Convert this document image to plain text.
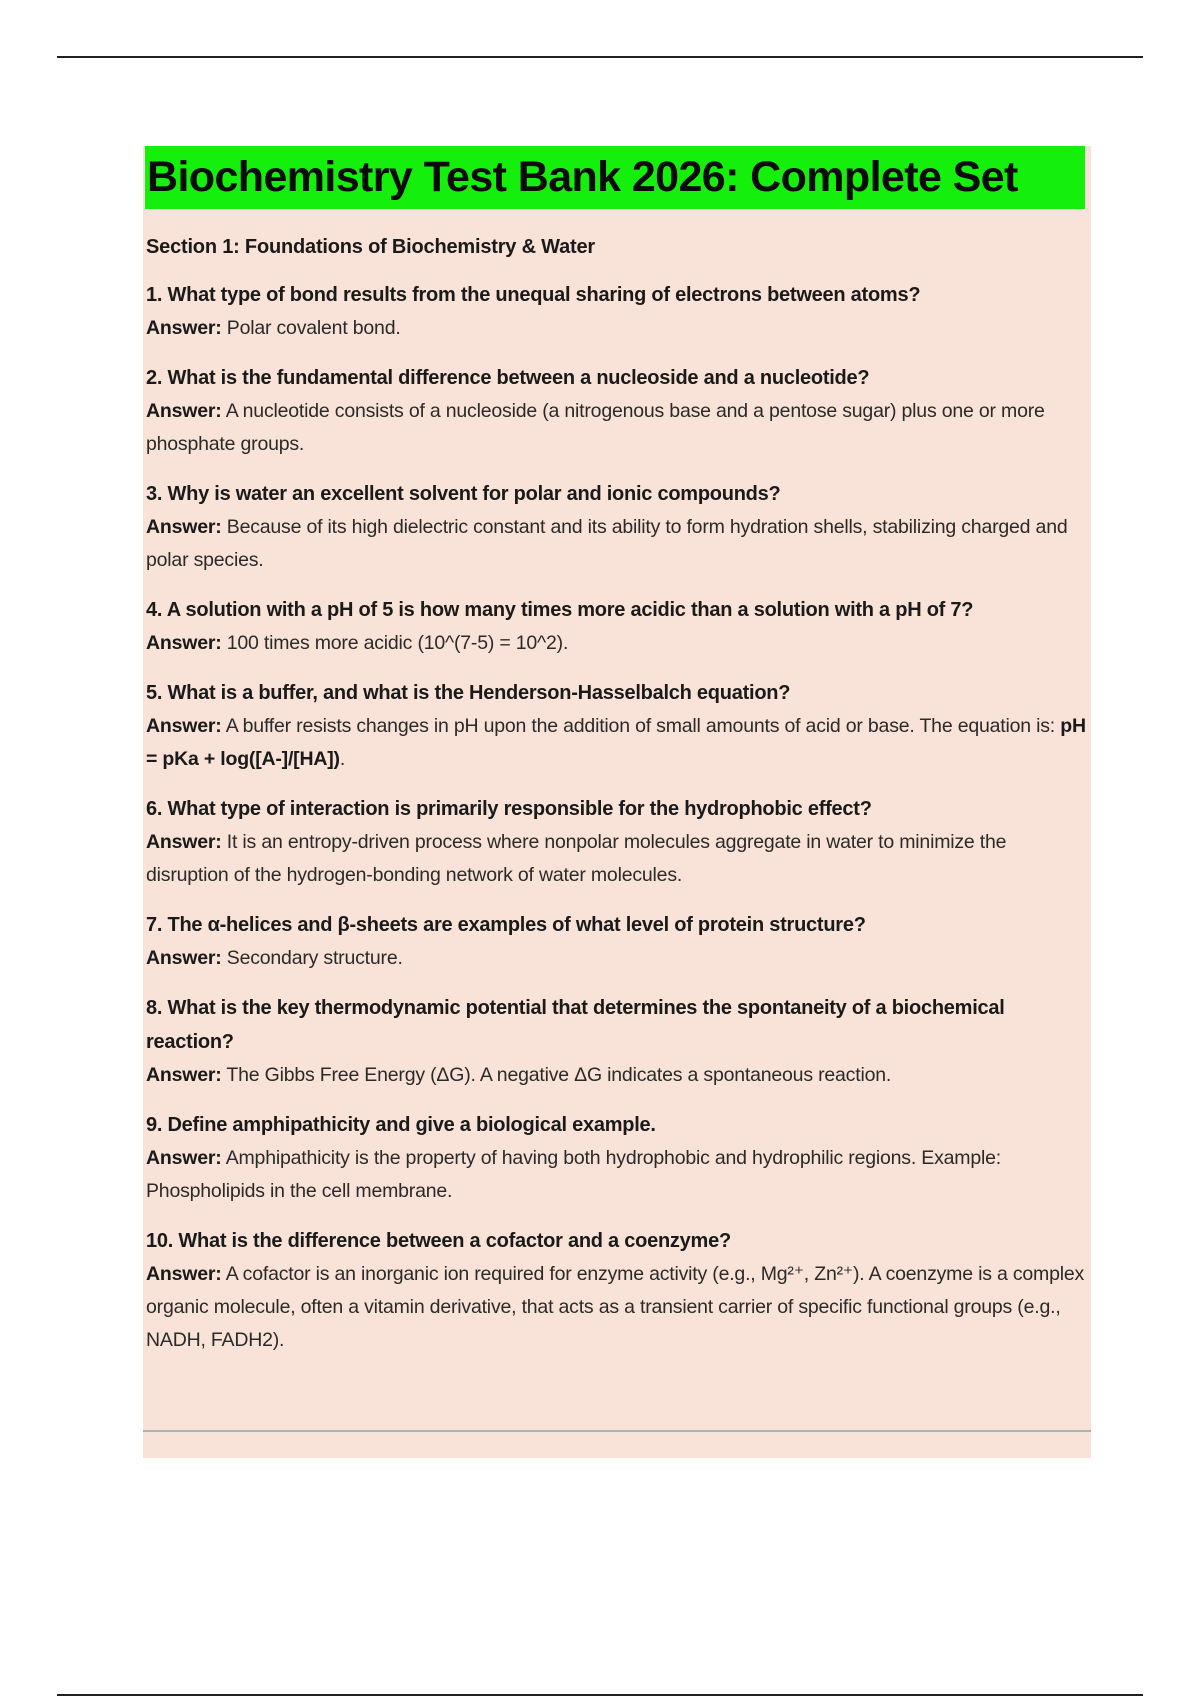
Biochemistry Test Bank 2026: Complete Set
Section 1: Foundations of Biochemistry & Water
1. What type of bond results from the unequal sharing of electrons between atoms?
Answer: Polar covalent bond.
2. What is the fundamental difference between a nucleoside and a nucleotide?
Answer: A nucleotide consists of a nucleoside (a nitrogenous base and a pentose sugar) plus one or more phosphate groups.
3. Why is water an excellent solvent for polar and ionic compounds?
Answer: Because of its high dielectric constant and its ability to form hydration shells, stabilizing charged and polar species.
4. A solution with a pH of 5 is how many times more acidic than a solution with a pH of 7?
Answer: 100 times more acidic (10^(7-5) = 10^2).
5. What is a buffer, and what is the Henderson-Hasselbalch equation?
Answer: A buffer resists changes in pH upon the addition of small amounts of acid or base. The equation is: pH = pKa + log([A-]/[HA]).
6. What type of interaction is primarily responsible for the hydrophobic effect?
Answer: It is an entropy-driven process where nonpolar molecules aggregate in water to minimize the disruption of the hydrogen-bonding network of water molecules.
7. The α-helices and β-sheets are examples of what level of protein structure?
Answer: Secondary structure.
8. What is the key thermodynamic potential that determines the spontaneity of a biochemical reaction?
Answer: The Gibbs Free Energy (ΔG). A negative ΔG indicates a spontaneous reaction.
9. Define amphipathicity and give a biological example.
Answer: Amphipathicity is the property of having both hydrophobic and hydrophilic regions. Example: Phospholipids in the cell membrane.
10. What is the difference between a cofactor and a coenzyme?
Answer: A cofactor is an inorganic ion required for enzyme activity (e.g., Mg²⁺, Zn²⁺). A coenzyme is a complex organic molecule, often a vitamin derivative, that acts as a transient carrier of specific functional groups (e.g., NADH, FADH2).
